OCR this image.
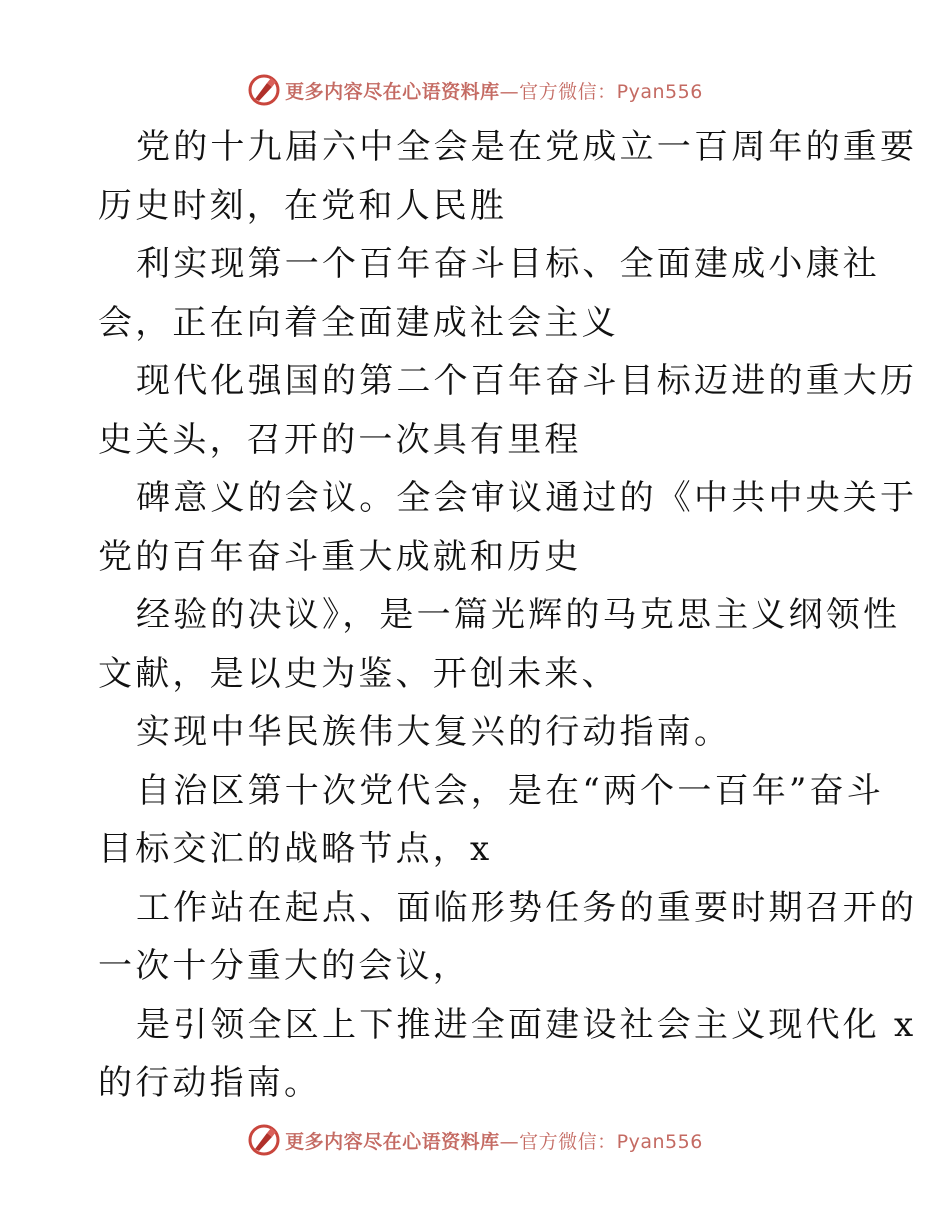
更多内容尽在心语资料库 —官方微信：Pyan556
党的十九届六中全会是在党成立一百周年的重要
历史时刻，在党和人民胜
利实现第一个百年奋斗目标、全面建成小康社
会，正在向着全面建成社会主义
现代化强国的第二个百年奋斗目标迈进的重大历
史关头，召开的一次具有里程
碑意义的会议。全会审议通过的《中共中央关于
党的百年奋斗重大成就和历史
经验的决议》，是一篇光辉的马克思主义纲领性
文献，是以史为鉴、开创未来、
实现中华民族伟大复兴的行动指南。
自治区第十次党代会，是在“两个一百年”奋斗
目标交汇的战略节点，x
工作站在起点、面临形势任务的重要时期召开的
一次十分重大的会议，
是引领全区上下推进全面建设社会主义现代化 x
的行动指南。
更多内容尽在心语资料库 —官方微信：Pyan556
